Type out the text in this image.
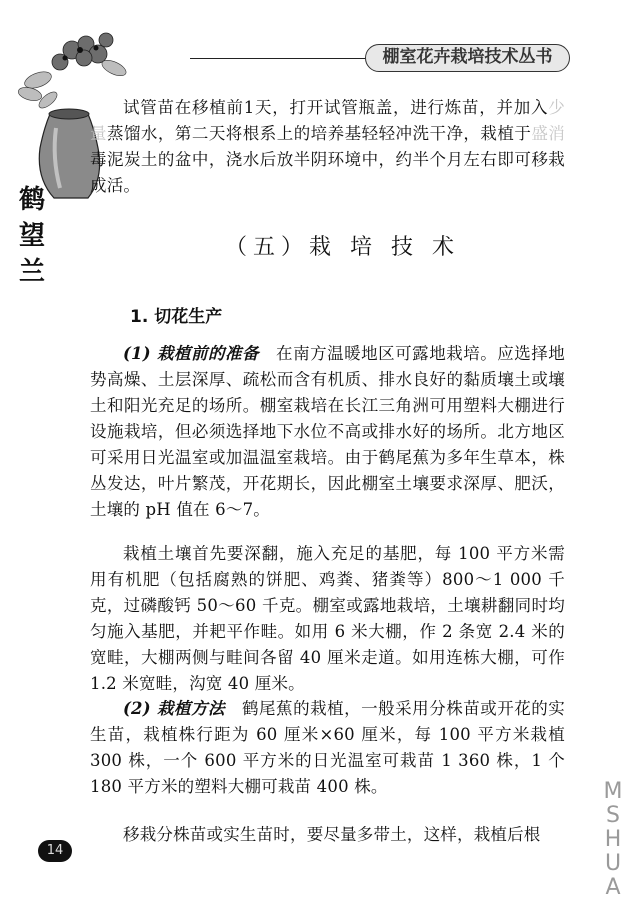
棚室花卉栽培技术丛书
鹤
望
兰
试管苗在移植前1天，打开试管瓶盖，进行炼苗，并加入少量蒸馏水，第二天将根系上的培养基轻轻冲洗干净，栽植于盛消毒泥炭土的盆中，浇水后放半阴环境中，约半个月左右即可移栽成活。
（五）栽 培 技 术
1. 切花生产
(1) 栽植前的准备　在南方温暖地区可露地栽培。应选择地势高燥、土层深厚、疏松而含有机质、排水良好的黏质壤土或壤土和阳光充足的场所。棚室栽培在长江三角洲可用塑料大棚进行设施栽培，但必须选择地下水位不高或排水好的场所。北方地区可采用日光温室或加温温室栽培。由于鹤尾蕉为多年生草本，株丛发达，叶片繁茂，开花期长，因此棚室土壤要求深厚、肥沃，土壤的 pH 值在 6～7。
栽植土壤首先要深翻，施入充足的基肥，每 100 平方米需用有机肥（包括腐熟的饼肥、鸡粪、猪粪等）800～1 000 千克，过磷酸钙 50～60 千克。棚室或露地栽培，土壤耕翻同时均匀施入基肥，并耙平作畦。如用 6 米大棚，作 2 条宽 2.4 米的宽畦，大棚两侧与畦间各留 40 厘米走道。如用连栋大棚，可作 1.2 米宽畦，沟宽 40 厘米。
(2) 栽植方法　鹤尾蕉的栽植，一般采用分株苗或开花的实生苗，栽植株行距为 60 厘米×60 厘米，每 100 平方米栽植 300 株，一个 600 平方米的日光温室可栽苗 1 360 株，1 个 180 平方米的塑料大棚可栽苗 400 株。
移栽分株苗或实生苗时，要尽量多带土，这样，栽植后根
14
M
S
H
U
A
